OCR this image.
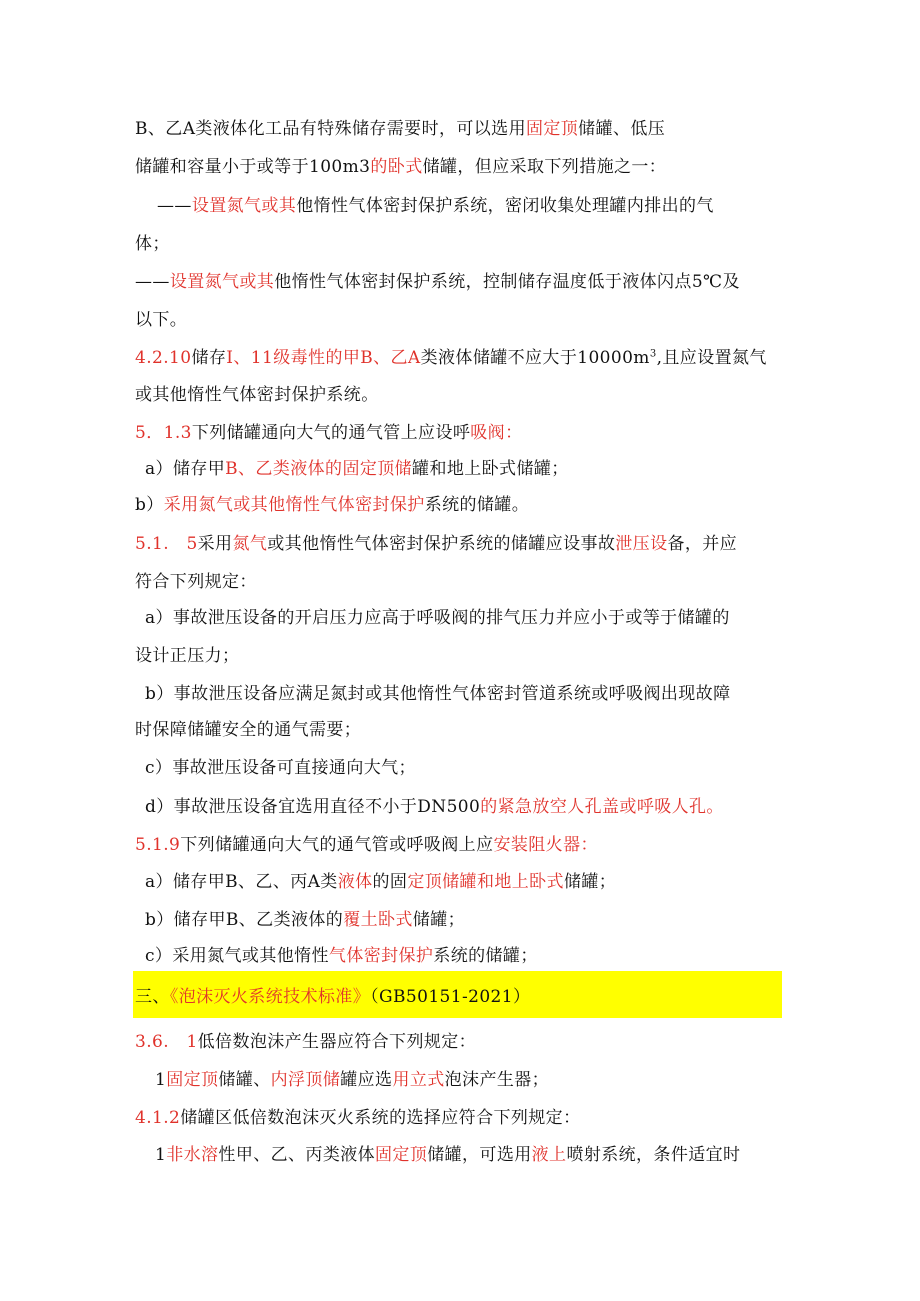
B、乙A类液体化工品有特殊储存需要时，可以选用固定顶储罐、低压
储罐和容量小于或等于100m3的卧式储罐，但应采取下列措施之一：
——设置氮气或其他惰性气体密封保护系统，密闭收集处理罐内排出的气
体；
——设置氮气或其他惰性气体密封保护系统，控制储存温度低于液体闪点5℃及
以下。
4.2.10储存I、11级毒性的甲B、乙A类液体储罐不应大于$10000m^3$,且应设置氮气
或其他惰性气体密封保护系统。
5．1.3下列储罐通向大气的通气管上应设呼吸阀：
a）储存甲B、乙类液体的固定顶储罐和地上卧式储罐；
b）采用氮气或其他惰性气体密封保护系统的储罐。
5.1.　5采用氮气或其他惰性气体密封保护系统的储罐应设事故泄压设备，并应
符合下列规定：
a）事故泄压设备的开启压力应高于呼吸阀的排气压力并应小于或等于储罐的
设计正压力；
b）事故泄压设备应满足氮封或其他惰性气体密封管道系统或呼吸阀出现故障
时保障储罐安全的通气需要；
c）事故泄压设备可直接通向大气；
d）事故泄压设备宜选用直径不小于DN500的紧急放空人孔盖或呼吸人孔。
5.1.9下列储罐通向大气的通气管或呼吸阀上应安装阻火器：
a）储存甲B、乙、丙A类液体的固定顶储罐和地上卧式储罐；
b）储存甲B、乙类液体的覆土卧式储罐；
c）采用氮气或其他惰性气体密封保护系统的储罐；
三、《泡沫灭火系统技术标准》（GB50151-2021）
3.6.　1低倍数泡沫产生器应符合下列规定：
1固定顶储罐、内浮顶储罐应选用立式泡沫产生器；
4.1.2储罐区低倍数泡沫灭火系统的选择应符合下列规定：
1非水溶性甲、乙、丙类液体固定顶储罐，可选用液上喷射系统，条件适宜时
